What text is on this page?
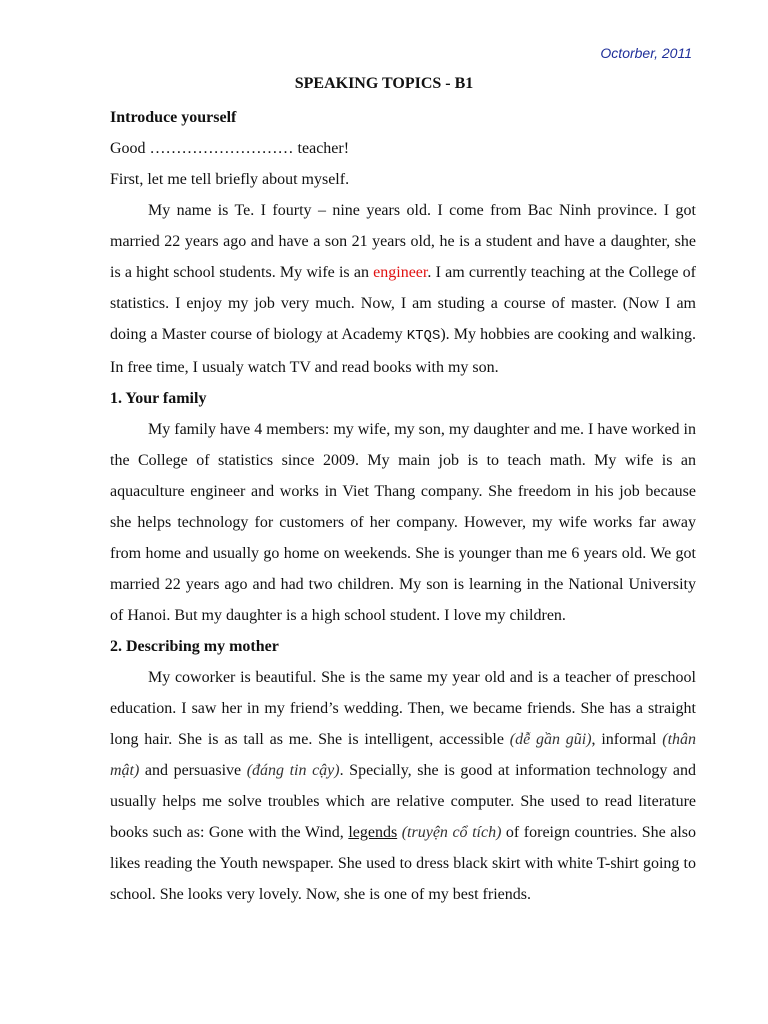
Octorber, 2011
SPEAKING TOPICS - B1

Introduce yourself

Good ……………………… teacher!

First, let me tell briefly about myself.

My name is Te. I fourty – nine years old. I come from Bac Ninh province. I got married 22 years ago and have a son 21 years old, he is a student and have a daughter, she is a hight school students. My wife is an engineer. I am currently teaching at the College of statistics. I enjoy my job very much. Now, I am studing a course of master. (Now I am doing a Master course of biology at Academy KTQS). My hobbies are cooking and walking. In free time, I usualy watch TV and read books with my son.

1. Your family

My family have 4 members: my wife, my son, my daughter and me. I have worked in the College of statistics since 2009. My main job is to teach math. My wife is an aquaculture engineer and works in Viet Thang company. She freedom in his job because she helps technology for customers of her company. However, my wife works far away from home and usually go home on weekends. She is younger than me 6 years old. We got married 22 years ago and had two children. My son is learning in the National University of Hanoi. But my daughter is a high school student. I love my children.

2. Describing my mother

My coworker is beautiful. She is the same my year old and is a teacher of preschool education. I saw her in my friend’s wedding. Then, we became friends. She has a straight long hair. She is as tall as me. She is intelligent, accessible (dễ gần gũi), informal (thân mật) and persuasive (đáng tin cậy). Specially, she is good at information technology and usually helps me solve troubles which are relative computer. She used to read literature books such as: Gone with the Wind, legends (truyện cổ tích) of foreign countries. She also likes reading the Youth newspaper. She used to dress black skirt with white T-shirt going to school. She looks very lovely. Now, she is one of my best friends.
